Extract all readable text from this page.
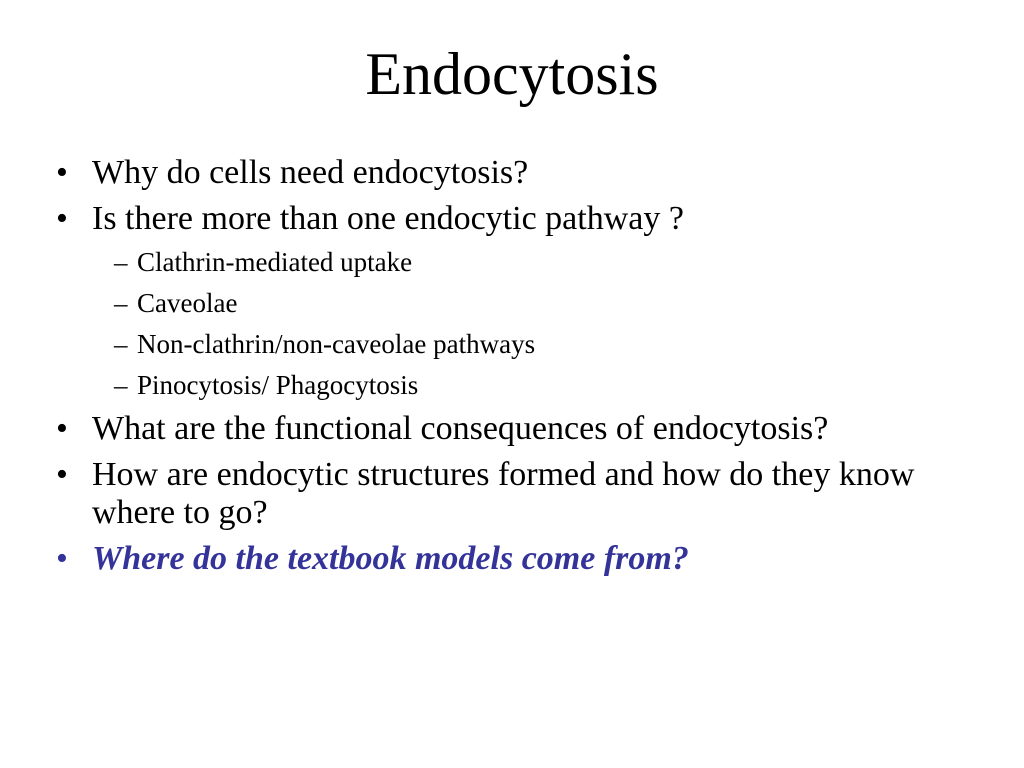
Endocytosis
• Why do cells need endocytosis?
• Is there more than one endocytic pathway ?
– Clathrin-mediated uptake
– Caveolae
– Non-clathrin/non-caveolae pathways
– Pinocytosis/ Phagocytosis
• What are the functional consequences of endocytosis?
• How are endocytic structures formed and how do they know where to go?
• Where do the textbook models come from?
